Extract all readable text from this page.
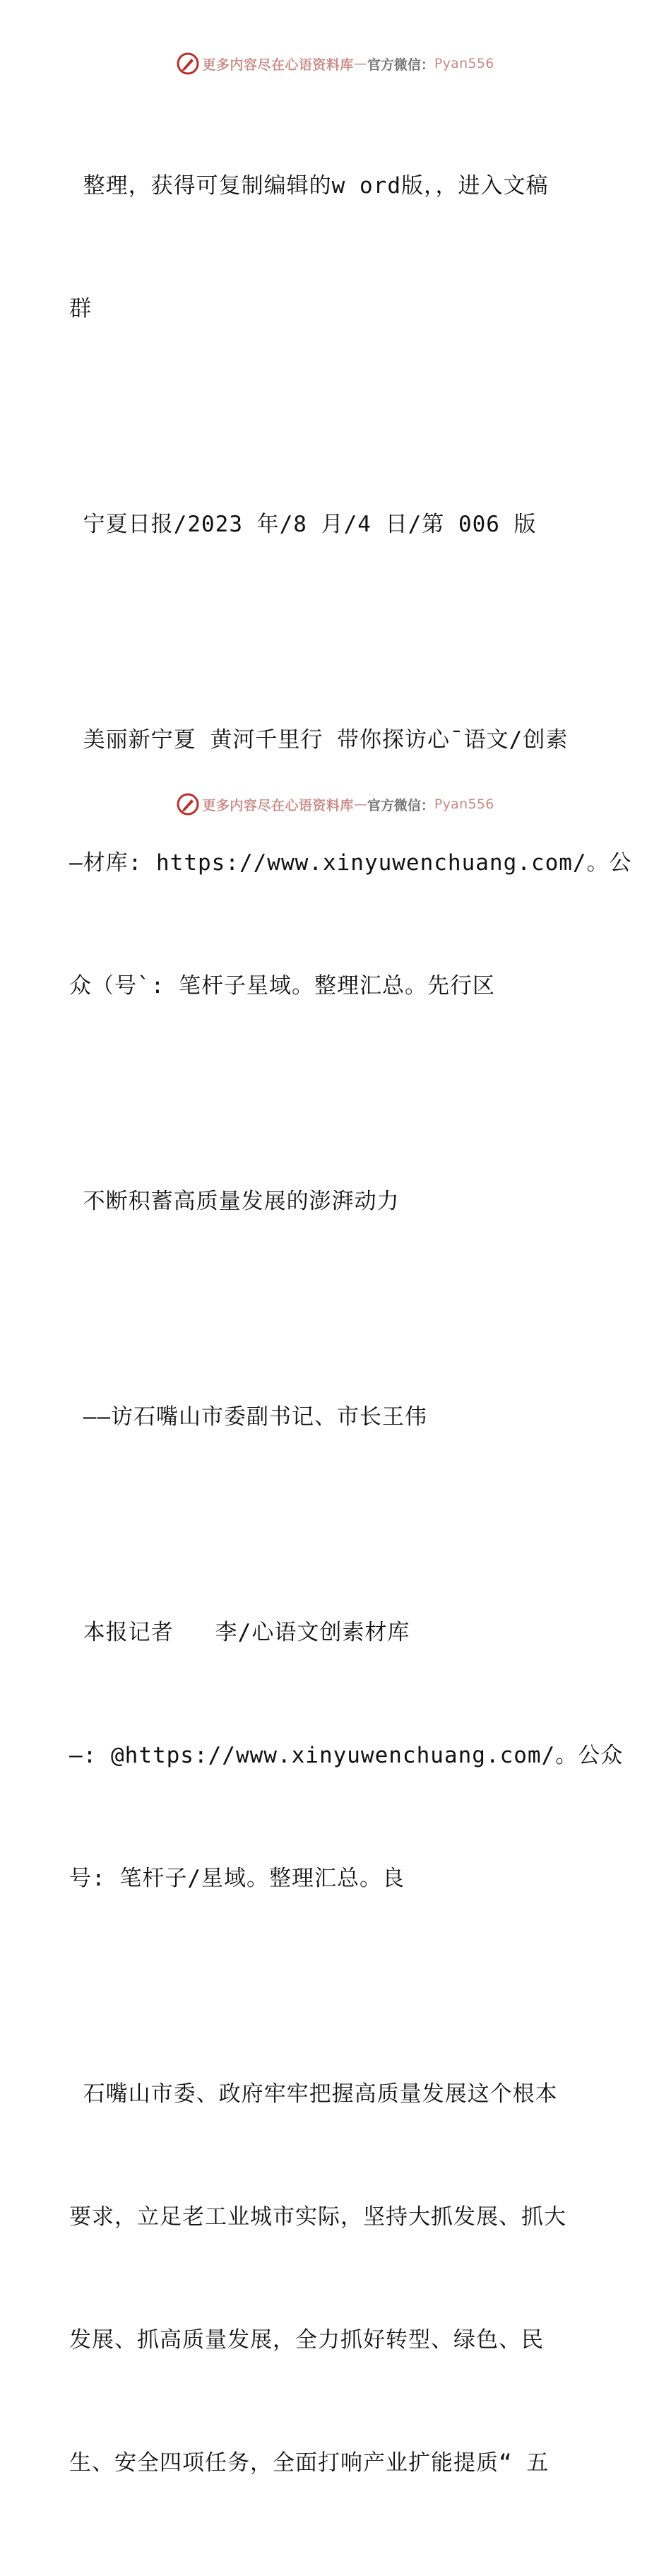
更多内容尽在心语资料库 — 官方微信： Pyan556

整理，获得可复制编辑的w ord版，，进入文稿

群

宁夏日报/2023 年/8 月/4 日/第 006 版

美丽新宁夏 黄河千里行 带你探访心¯语文/创素

—材库: https://www.xinyuwenchuang.com/。公

众（号`: 笔杆子星域。整理汇总。先行区

不断积蓄高质量发展的澎湃动力

——访石嘴山市委副书记、市长王伟

本报记者   李/心语文创素材库

—: @https://www.xinyuwenchuang.com/。公众

号: 笔杆子/星域。整理汇总。良

石嘴山市委、政府牢牢把握高质量发展这个根本

要求，立足老工业城市实际，坚持大抓发展、抓大

发展、抓高质量发展，全力抓好转型、绿色、民

生、安全四项任务，全面打响产业扩能提质“ 五

更多内容尽在心语资料库 — 官方微信： Pyan556
